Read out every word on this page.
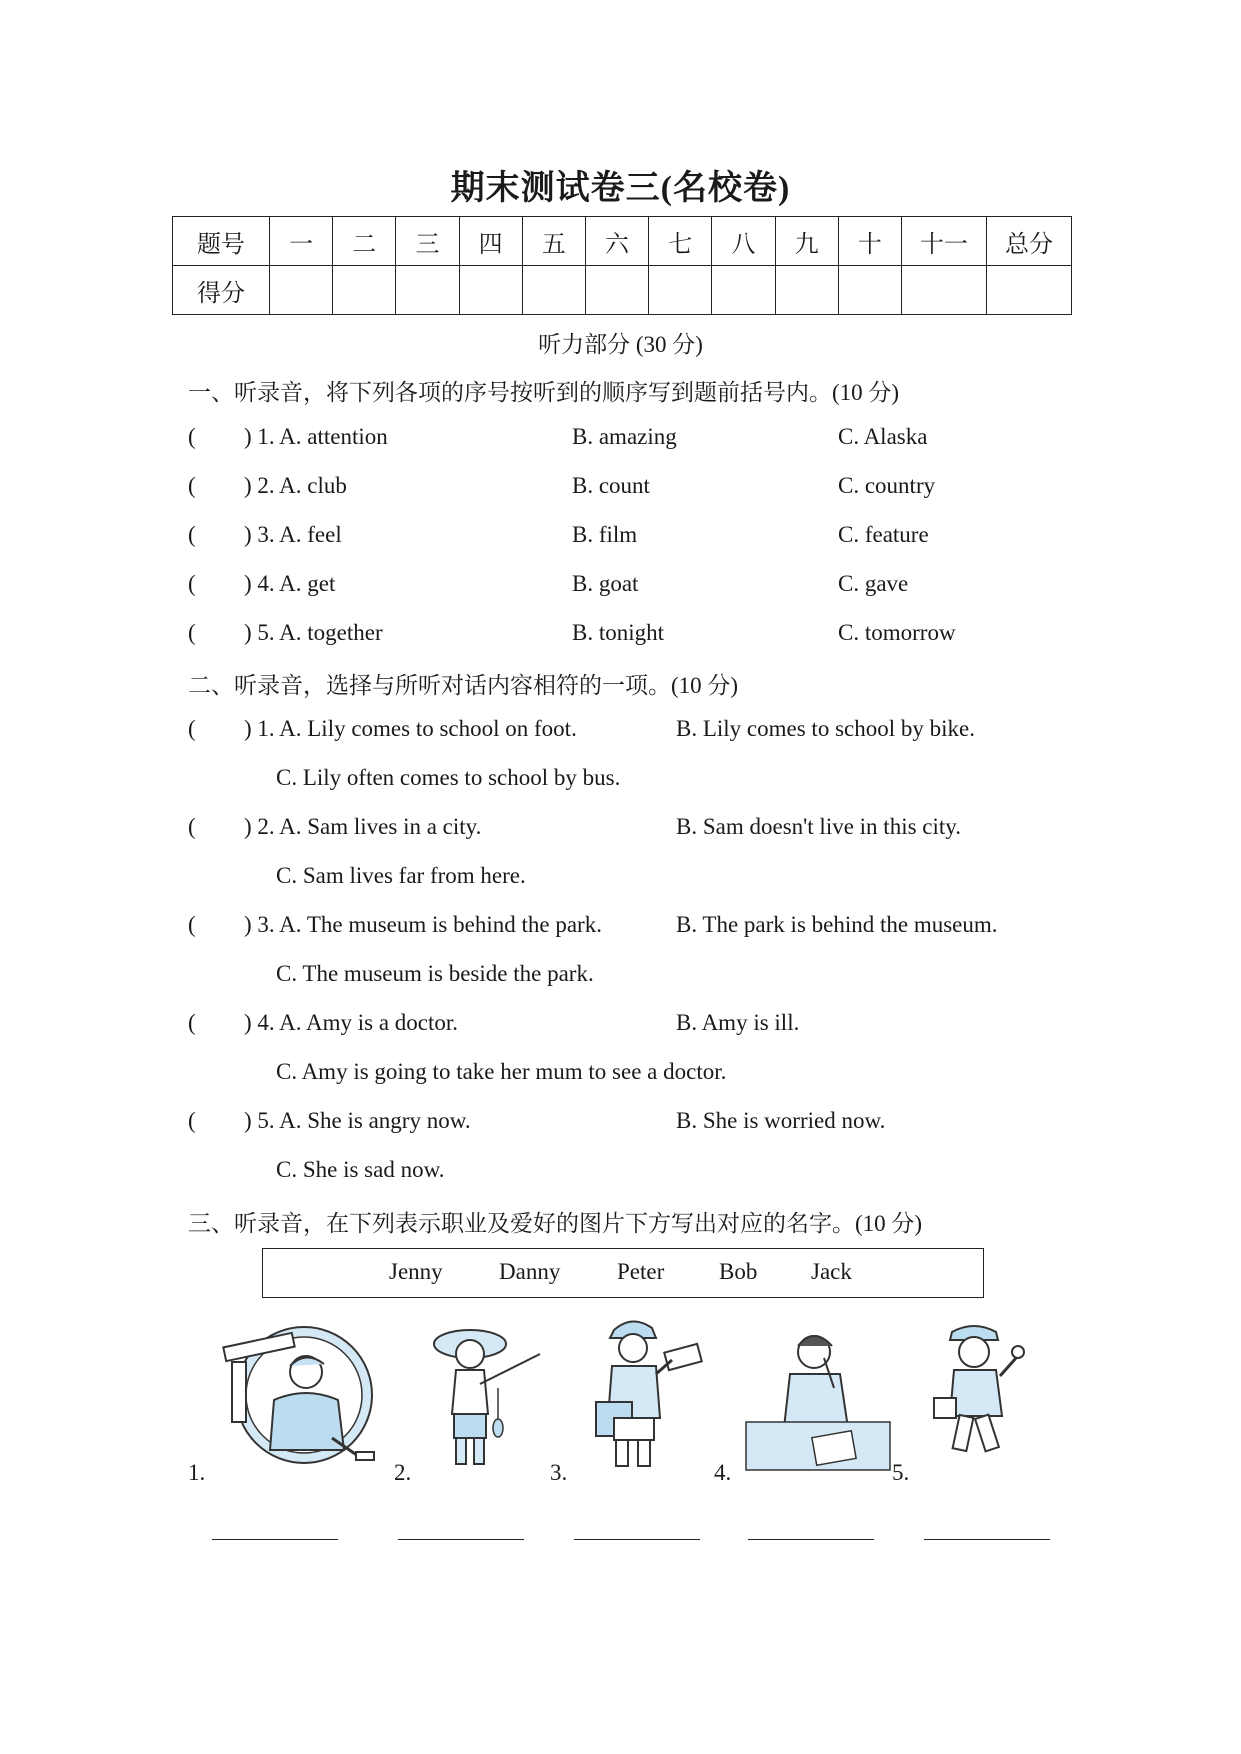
期末测试卷三(名校卷)
题号	一	二	三	四	五	六	七	八	九	十	十一	总分
得分												
听力部分 (30 分)
一、听录音，将下列各项的序号按听到的顺序写到题前括号内。(10 分)
( ) 1. A. attention	B. amazing	C. Alaska
( ) 2. A. club	B. count	C. country
( ) 3. A. feel	B. film	C. feature
( ) 4. A. get	B. goat	C. gave
( ) 5. A. together	B. tonight	C. tomorrow
二、听录音，选择与所听对话内容相符的一项。(10 分)
( ) 1. A. Lily comes to school on foot.	B. Lily comes to school by bike.
C. Lily often comes to school by bus.
( ) 2. A. Sam lives in a city.	B. Sam doesn't live in this city.
C. Sam lives far from here.
( ) 3. A. The museum is behind the park.	B. The park is behind the museum.
C. The museum is beside the park.
( ) 4. A. Amy is a doctor.	B. Amy is ill.
C. Amy is going to take her mum to see a doctor.
( ) 5. A. She is angry now.	B. She is worried now.
C. She is sad now.
三、听录音，在下列表示职业及爱好的图片下方写出对应的名字。(10 分)
Jenny Danny Peter Bob Jack
1.	2.	3.	4.	5.
